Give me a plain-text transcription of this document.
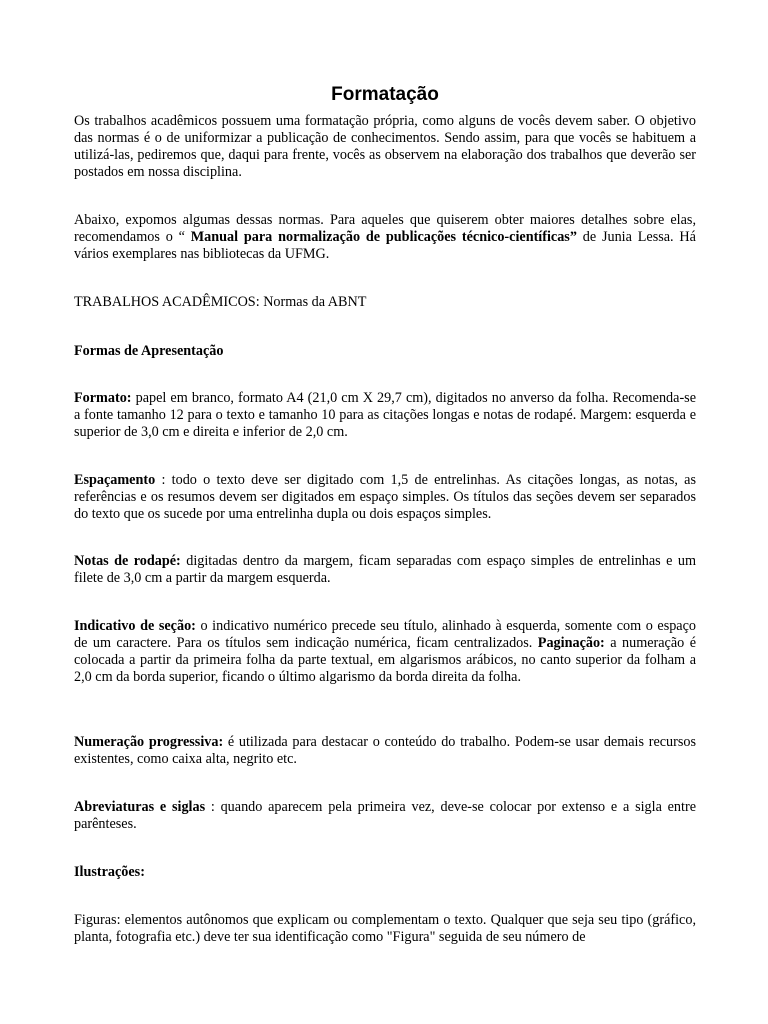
Formatação

Os trabalhos acadêmicos possuem uma formatação própria, como alguns de vocês devem saber. O objetivo das normas é o de uniformizar a publicação de conhecimentos. Sendo assim, para que vocês se habituem a utilizá-las, pediremos que, daqui para frente, vocês as observem na elaboração dos trabalhos que deverão ser postados em nossa disciplina.

Abaixo, expomos algumas dessas normas. Para aqueles que quiserem obter maiores detalhes sobre elas, recomendamos o “ Manual para normalização de publicações técnico-científicas” de Junia Lessa. Há vários exemplares nas bibliotecas da UFMG.

TRABALHOS ACADÊMICOS: Normas da ABNT

Formas de Apresentação

Formato: papel em branco, formato A4 (21,0 cm X 29,7 cm), digitados no anverso da folha. Recomenda-se a fonte tamanho 12 para o texto e tamanho 10 para as citações longas e notas de rodapé. Margem: esquerda e superior de 3,0 cm e direita e inferior de 2,0 cm.

Espaçamento : todo o texto deve ser digitado com 1,5 de entrelinhas. As citações longas, as notas, as referências e os resumos devem ser digitados em espaço simples. Os títulos das seções devem ser separados do texto que os sucede por uma entrelinha dupla ou dois espaços simples.

Notas de rodapé: digitadas dentro da margem, ficam separadas com espaço simples de entrelinhas e um filete de 3,0 cm a partir da margem esquerda.

Indicativo de seção: o indicativo numérico precede seu título, alinhado à esquerda, somente com o espaço de um caractere. Para os títulos sem indicação numérica, ficam centralizados. Paginação: a numeração é colocada a partir da primeira folha da parte textual, em algarismos arábicos, no canto superior da folham a 2,0 cm da borda superior, ficando o último algarismo da borda direita da folha.

Numeração progressiva: é utilizada para destacar o conteúdo do trabalho. Podem-se usar demais recursos existentes, como caixa alta, negrito etc.

Abreviaturas e siglas : quando aparecem pela primeira vez, deve-se colocar por extenso e a sigla entre parênteses.

Ilustrações:

Figuras: elementos autônomos que explicam ou complementam o texto. Qualquer que seja seu tipo (gráfico, planta, fotografia etc.) deve ter sua identificação como "Figura" seguida de seu número de
